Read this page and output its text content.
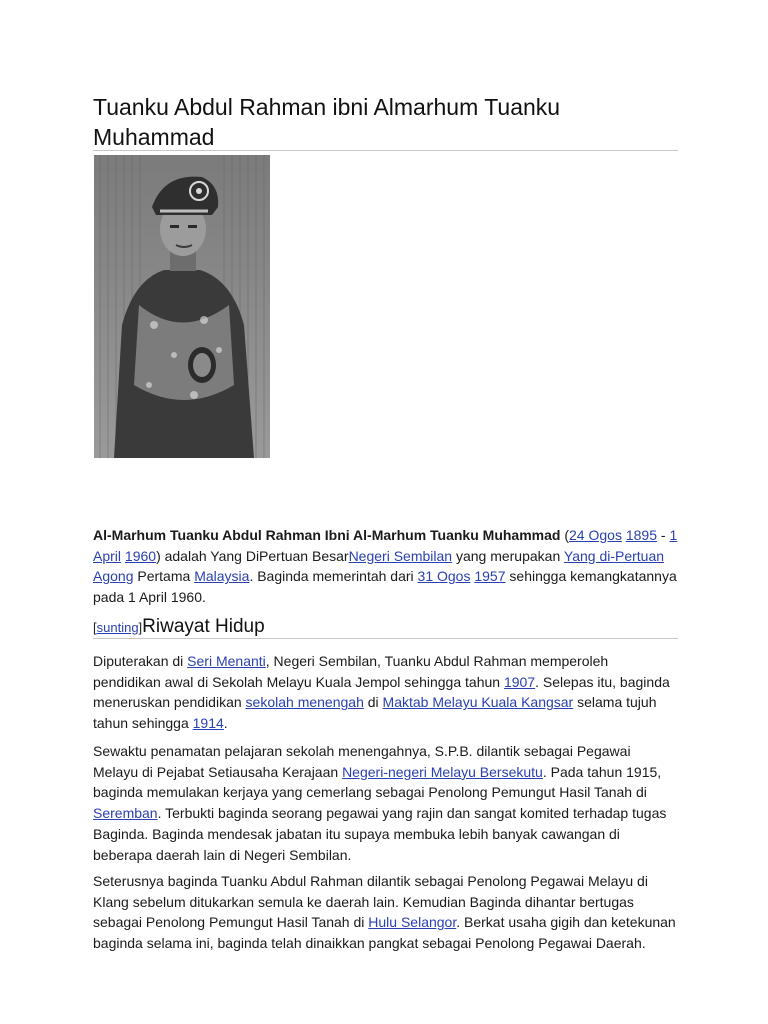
Tuanku Abdul Rahman ibni Almarhum Tuanku Muhammad

Al-Marhum Tuanku Abdul Rahman Ibni Al-Marhum Tuanku Muhammad (24 Ogos 1895 - 1 April 1960) adalah Yang DiPertuan BesarNegeri Sembilan yang merupakan Yang di-Pertuan Agong Pertama Malaysia. Baginda memerintah dari 31 Ogos 1957 sehingga kemangkatannya pada 1 April 1960.

[sunting]Riwayat Hidup

Diputerakan di Seri Menanti, Negeri Sembilan, Tuanku Abdul Rahman memperoleh pendidikan awal di Sekolah Melayu Kuala Jempol sehingga tahun 1907. Selepas itu, baginda meneruskan pendidikan sekolah menengah di Maktab Melayu Kuala Kangsar selama tujuh tahun sehingga 1914.

Sewaktu penamatan pelajaran sekolah menengahnya, S.P.B. dilantik sebagai Pegawai Melayu di Pejabat Setiausaha Kerajaan Negeri-negeri Melayu Bersekutu. Pada tahun 1915, baginda memulakan kerjaya yang cemerlang sebagai Penolong Pemungut Hasil Tanah di Seremban. Terbukti baginda seorang pegawai yang rajin dan sangat komited terhadap tugas Baginda. Baginda mendesak jabatan itu supaya membuka lebih banyak cawangan di beberapa daerah lain di Negeri Sembilan.

Seterusnya baginda Tuanku Abdul Rahman dilantik sebagai Penolong Pegawai Melayu di Klang sebelum ditukarkan semula ke daerah lain. Kemudian Baginda dihantar bertugas sebagai Penolong Pemungut Hasil Tanah di Hulu Selangor. Berkat usaha gigih dan ketekunan baginda selama ini, baginda telah dinaikkan pangkat sebagai Penolong Pegawai Daerah.
